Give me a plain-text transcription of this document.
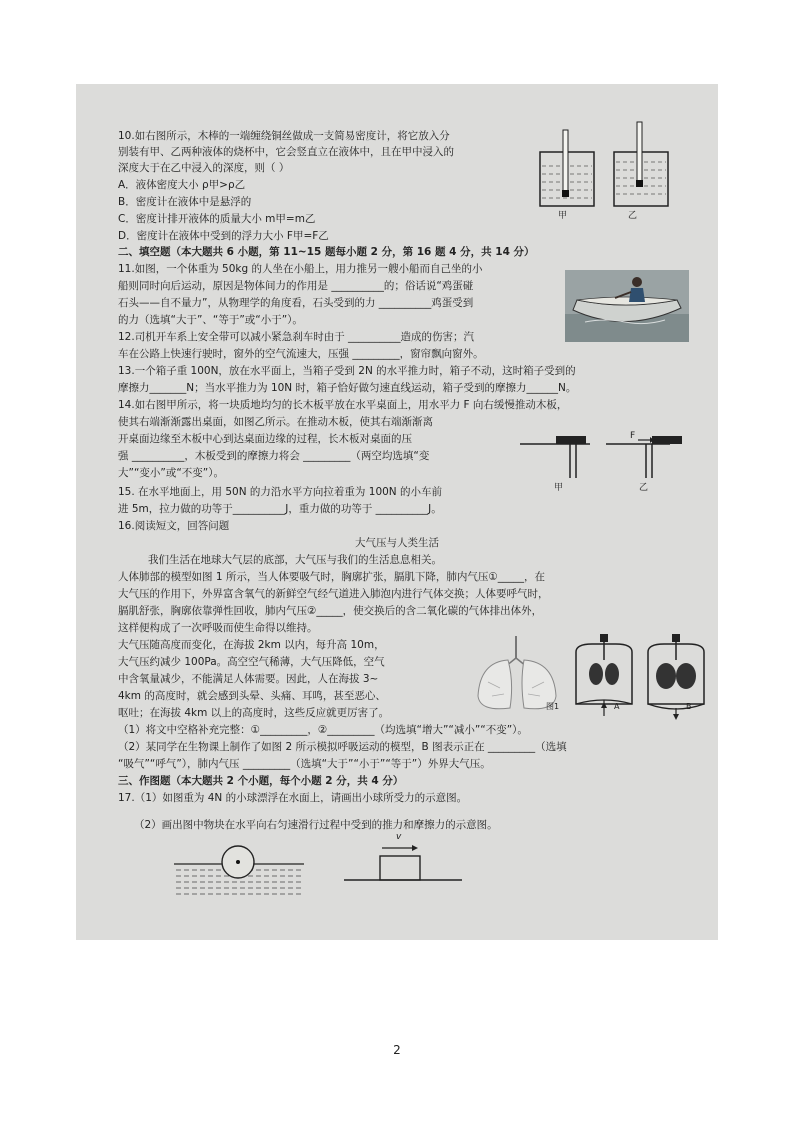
10.如右图所示，木棒的一端缠绕铜丝做成一支简易密度计，将它放入分
别装有甲、乙两种液体的烧杯中，它会竖直立在液体中，且在甲中浸入的
深度大于在乙中浸入的深度，则（ ）
A．液体密度大小 ρ甲>ρ乙
B．密度计在液体中是悬浮的
C．密度计排开液体的质量大小 m甲=m乙
D．密度计在液体中受到的浮力大小 F甲=F乙
甲	乙
二、填空题（本大题共 6 小题，第 11~15 题每小题 2 分，第 16 题 4 分，共 14 分）
11.如图，一个体重为 50kg 的人坐在小船上，用力推另一艘小船而自己坐的小
船则同时向后运动，原因是物体间力的作用是 __________的；俗话说“鸡蛋碰
石头——自不量力”，从物理学的角度看，石头受到的力 __________鸡蛋受到
的力（选填“大于”、“等于”或“小于”）。
12.司机开车系上安全带可以减小紧急刹车时由于 __________造成的伤害；汽
车在公路上快速行驶时，窗外的空气流速大，压强 _________，窗帘飘向窗外。
13.一个箱子重 100N，放在水平面上，当箱子受到 2N 的水平推力时，箱子不动，这时箱子受到的
摩擦力_______N；当水平推力为 10N 时，箱子恰好做匀速直线运动，箱子受到的摩擦力______N。
14.如右图甲所示，将一块质地均匀的长木板平放在水平桌面上，用水平力 F 向右缓慢推动木板，
使其右端渐渐露出桌面，如图乙所示。在推动木板，使其右端渐渐离
开桌面边缘至木板中心到达桌面边缘的过程，长木板对桌面的压
强 __________，木板受到的摩擦力将会 _________（两空均选填“变
大”“变小”或“不变”）。
F
甲	乙
15. 在水平地面上，用 50N 的力沿水平方向拉着重为 100N 的小车前
进 5m，拉力做的功等于__________J，重力做的功等于 __________J。
16.阅读短文，回答问题
大气压与人类生活
我们生活在地球大气层的底部，大气压与我们的生活息息相关。
人体肺部的模型如图 1 所示，当人体要吸气时，胸廓扩张，膈肌下降，肺内气压①_____，在
大气压的作用下，外界富含氧气的新鲜空气经气道进入肺泡内进行气体交换；人体要呼气时，
膈肌舒张，胸廓依靠弹性回收，肺内气压②_____，使交换后的含二氧化碳的气体排出体外，
这样便构成了一次呼吸而使生命得以维持。
大气压随高度而变化，在海拔 2km 以内，每升高 10m，
大气压约减少 100Pa。高空空气稀薄，大气压降低，空气
中含氧量减少，不能满足人体需要。因此，人在海拔 3~
4km 的高度时，就会感到头晕、头痛、耳鸣，甚至恶心、
呕吐；在海拔 4km 以上的高度时，这些反应就更厉害了。
图1	A	B
（1）将文中空格补充完整：①_________，②_________（均选填“增大”“减小”“不变”）。
（2）某同学在生物课上制作了如图 2 所示模拟呼吸运动的模型，B 图表示正在 _________（选填
“吸气”“呼气”），肺内气压 _________（选填“大于”“小于”“等于”）外界大气压。
三、作图题（本大题共 2 个小题，每个小题 2 分，共 4 分）
17.（1）如图重为 4N 的小球漂浮在水面上，请画出小球所受力的示意图。
（2）画出图中物块在水平向右匀速滑行过程中受到的推力和摩擦力的示意图。
v
2
